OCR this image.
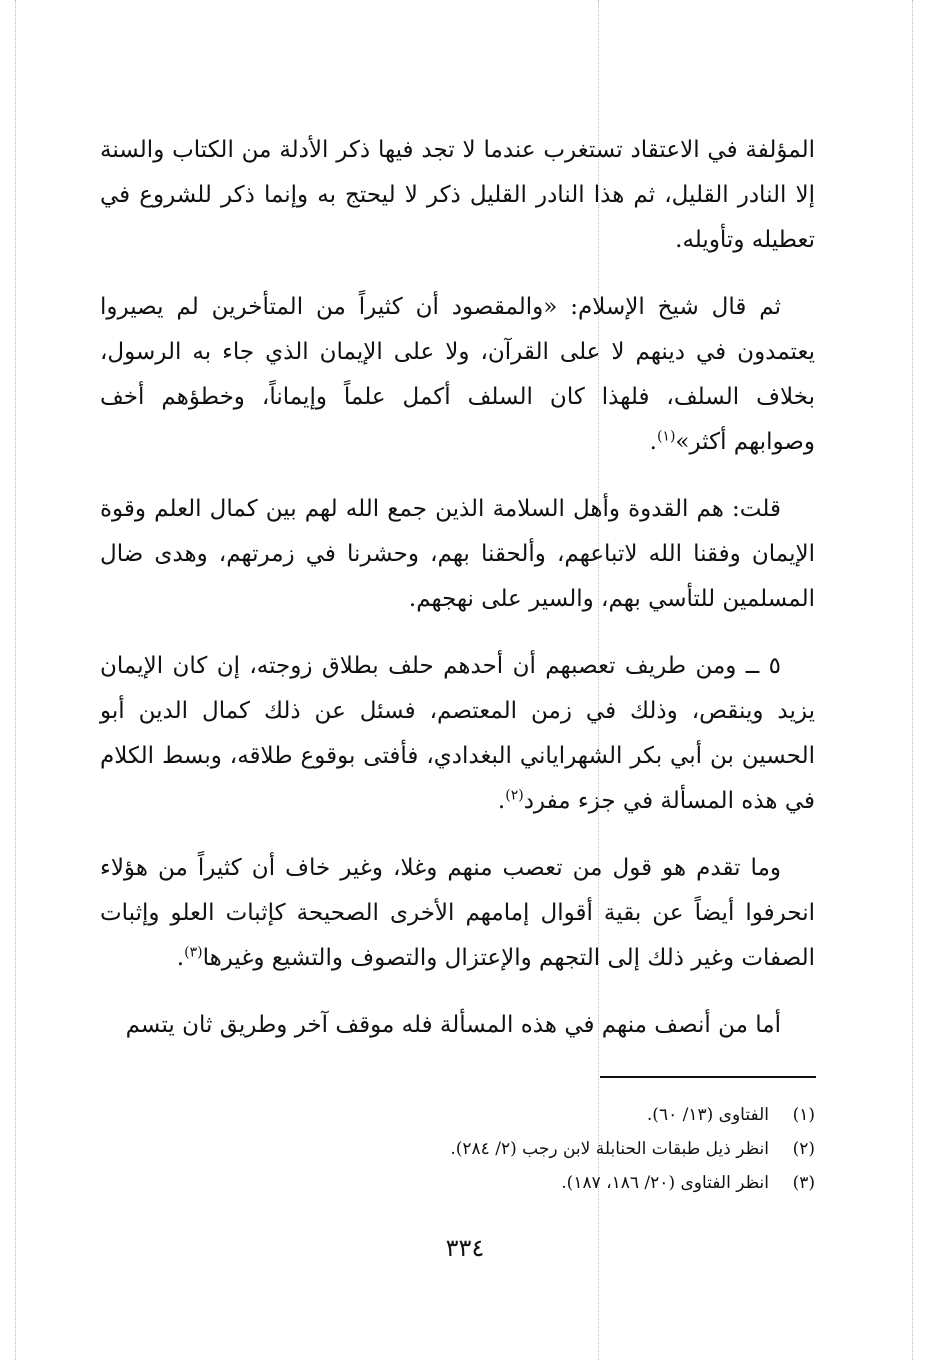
المؤلفة في الاعتقاد تستغرب عندما لا تجد فيها ذكر الأدلة من الكتاب والسنة إلا النادر القليل، ثم هذا النادر القليل ذكر لا ليحتج به وإنما ذكر للشروع في تعطيله وتأويله.

ثم قال شيخ الإسلام: «والمقصود أن كثيراً من المتأخرين لم يصيروا يعتمدون في دينهم لا على القرآن، ولا على الإيمان الذي جاء به الرسول، بخلاف السلف، فلهذا كان السلف أكمل علماً وإيماناً، وخطؤهم أخف وصوابهم أكثر»$^{(١)}$.

قلت: هم القدوة وأهل السلامة الذين جمع الله لهم بين كمال العلم وقوة الإيمان وفقنا الله لاتباعهم، وألحقنا بهم، وحشرنا في زمرتهم، وهدى ضال المسلمين للتأسي بهم، والسير على نهجهم.

٥ ــ ومن طريف تعصبهم أن أحدهم حلف بطلاق زوجته، إن كان الإيمان يزيد وينقص، وذلك في زمن المعتصم، فسئل عن ذلك كمال الدين أبو الحسين بن أبي بكر الشهراياني البغدادي، فأفتى بوقوع طلاقه، وبسط الكلام في هذه المسألة في جزء مفرد$^{(٢)}$.

وما تقدم هو قول من تعصب منهم وغلا، وغير خاف أن كثيراً من هؤلاء انحرفوا أيضاً عن بقية أقوال إمامهم الأخرى الصحيحة كإثبات العلو وإثبات الصفات وغير ذلك إلى التجهم والإعتزال والتصوف والتشيع وغيرها$^{(٣)}$.

أما من أنصف منهم في هذه المسألة فله موقف آخر وطريق ثان يتسم

(١)الفتاوى (١٣/ ٦٠).
(٢)انظر ذيل طبقات الحنابلة لابن رجب (٢/ ٢٨٤).
(٣)انظر الفتاوى (٢٠/ ١٨٦، ١٨٧).
٣٣٤
